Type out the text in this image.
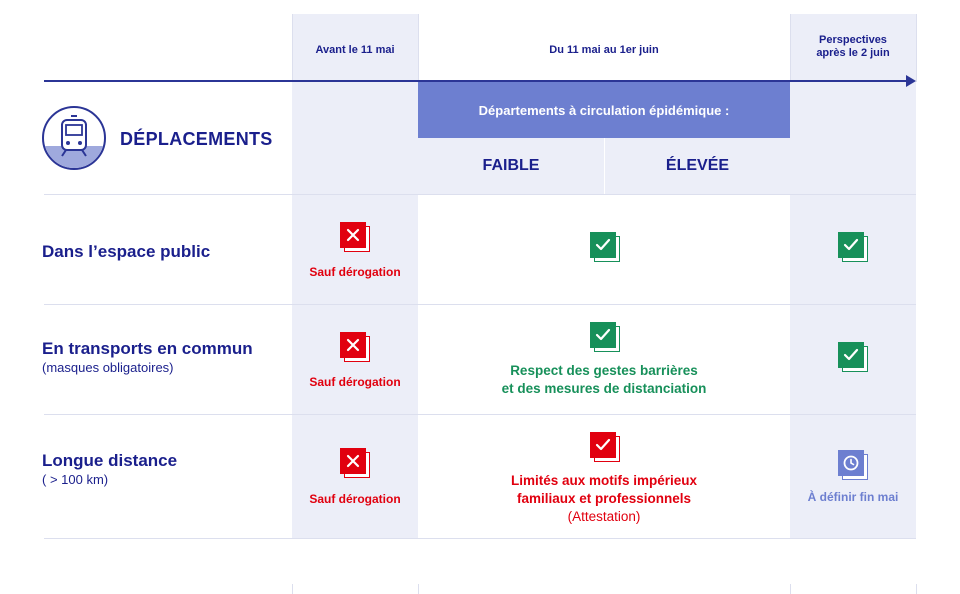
Avant le 11 mai	Du 11 mai au 1er juin
Perspectives
après le 2 juin
Départements à circulation épidémique :
FAIBLE	ÉLEVÉE
DÉPLACEMENTS
Dans l’espace public
Sauf dérogation
En transports en commun
(masques obligatoires)
Sauf dérogation
Respect des gestes barrières
et des mesures de distanciation
Longue distance
( > 100 km)
Sauf dérogation
Limités aux motifs impérieux
familiaux et professionnels
(Attestation)
À définir fin mai
